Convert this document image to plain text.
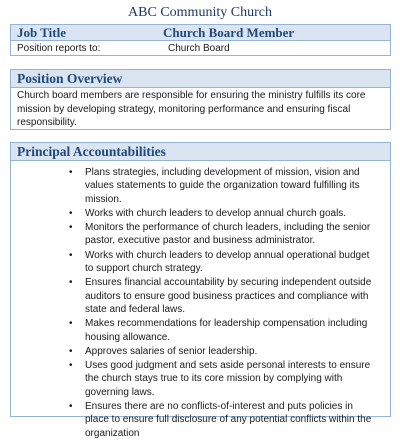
ABC Community Church
Job Title	Church Board Member
Position reports to:	Church Board
Position Overview
Church board members are responsible for ensuring the ministry fulfills its core mission by developing strategy, monitoring performance and ensuring fiscal responsibility.
Principal Accountabilities
• Plans strategies, including development of mission, vision and values statements to guide the organization toward fulfilling its mission.
• Works with church leaders to develop annual church goals.
• Monitors the performance of church leaders, including the senior pastor, executive pastor and business administrator.
• Works with church leaders to develop annual operational budget to support church strategy.
• Ensures financial accountability by securing independent outside auditors to ensure good business practices and compliance with state and federal laws.
• Makes recommendations for leadership compensation including housing allowance.
• Approves salaries of senior leadership.
• Uses good judgment and sets aside personal interests to ensure the church stays true to its core mission by complying with governing laws.
• Ensures there are no conflicts-of-interest and puts policies in place to ensure full disclosure of any potential conflicts within the organization
